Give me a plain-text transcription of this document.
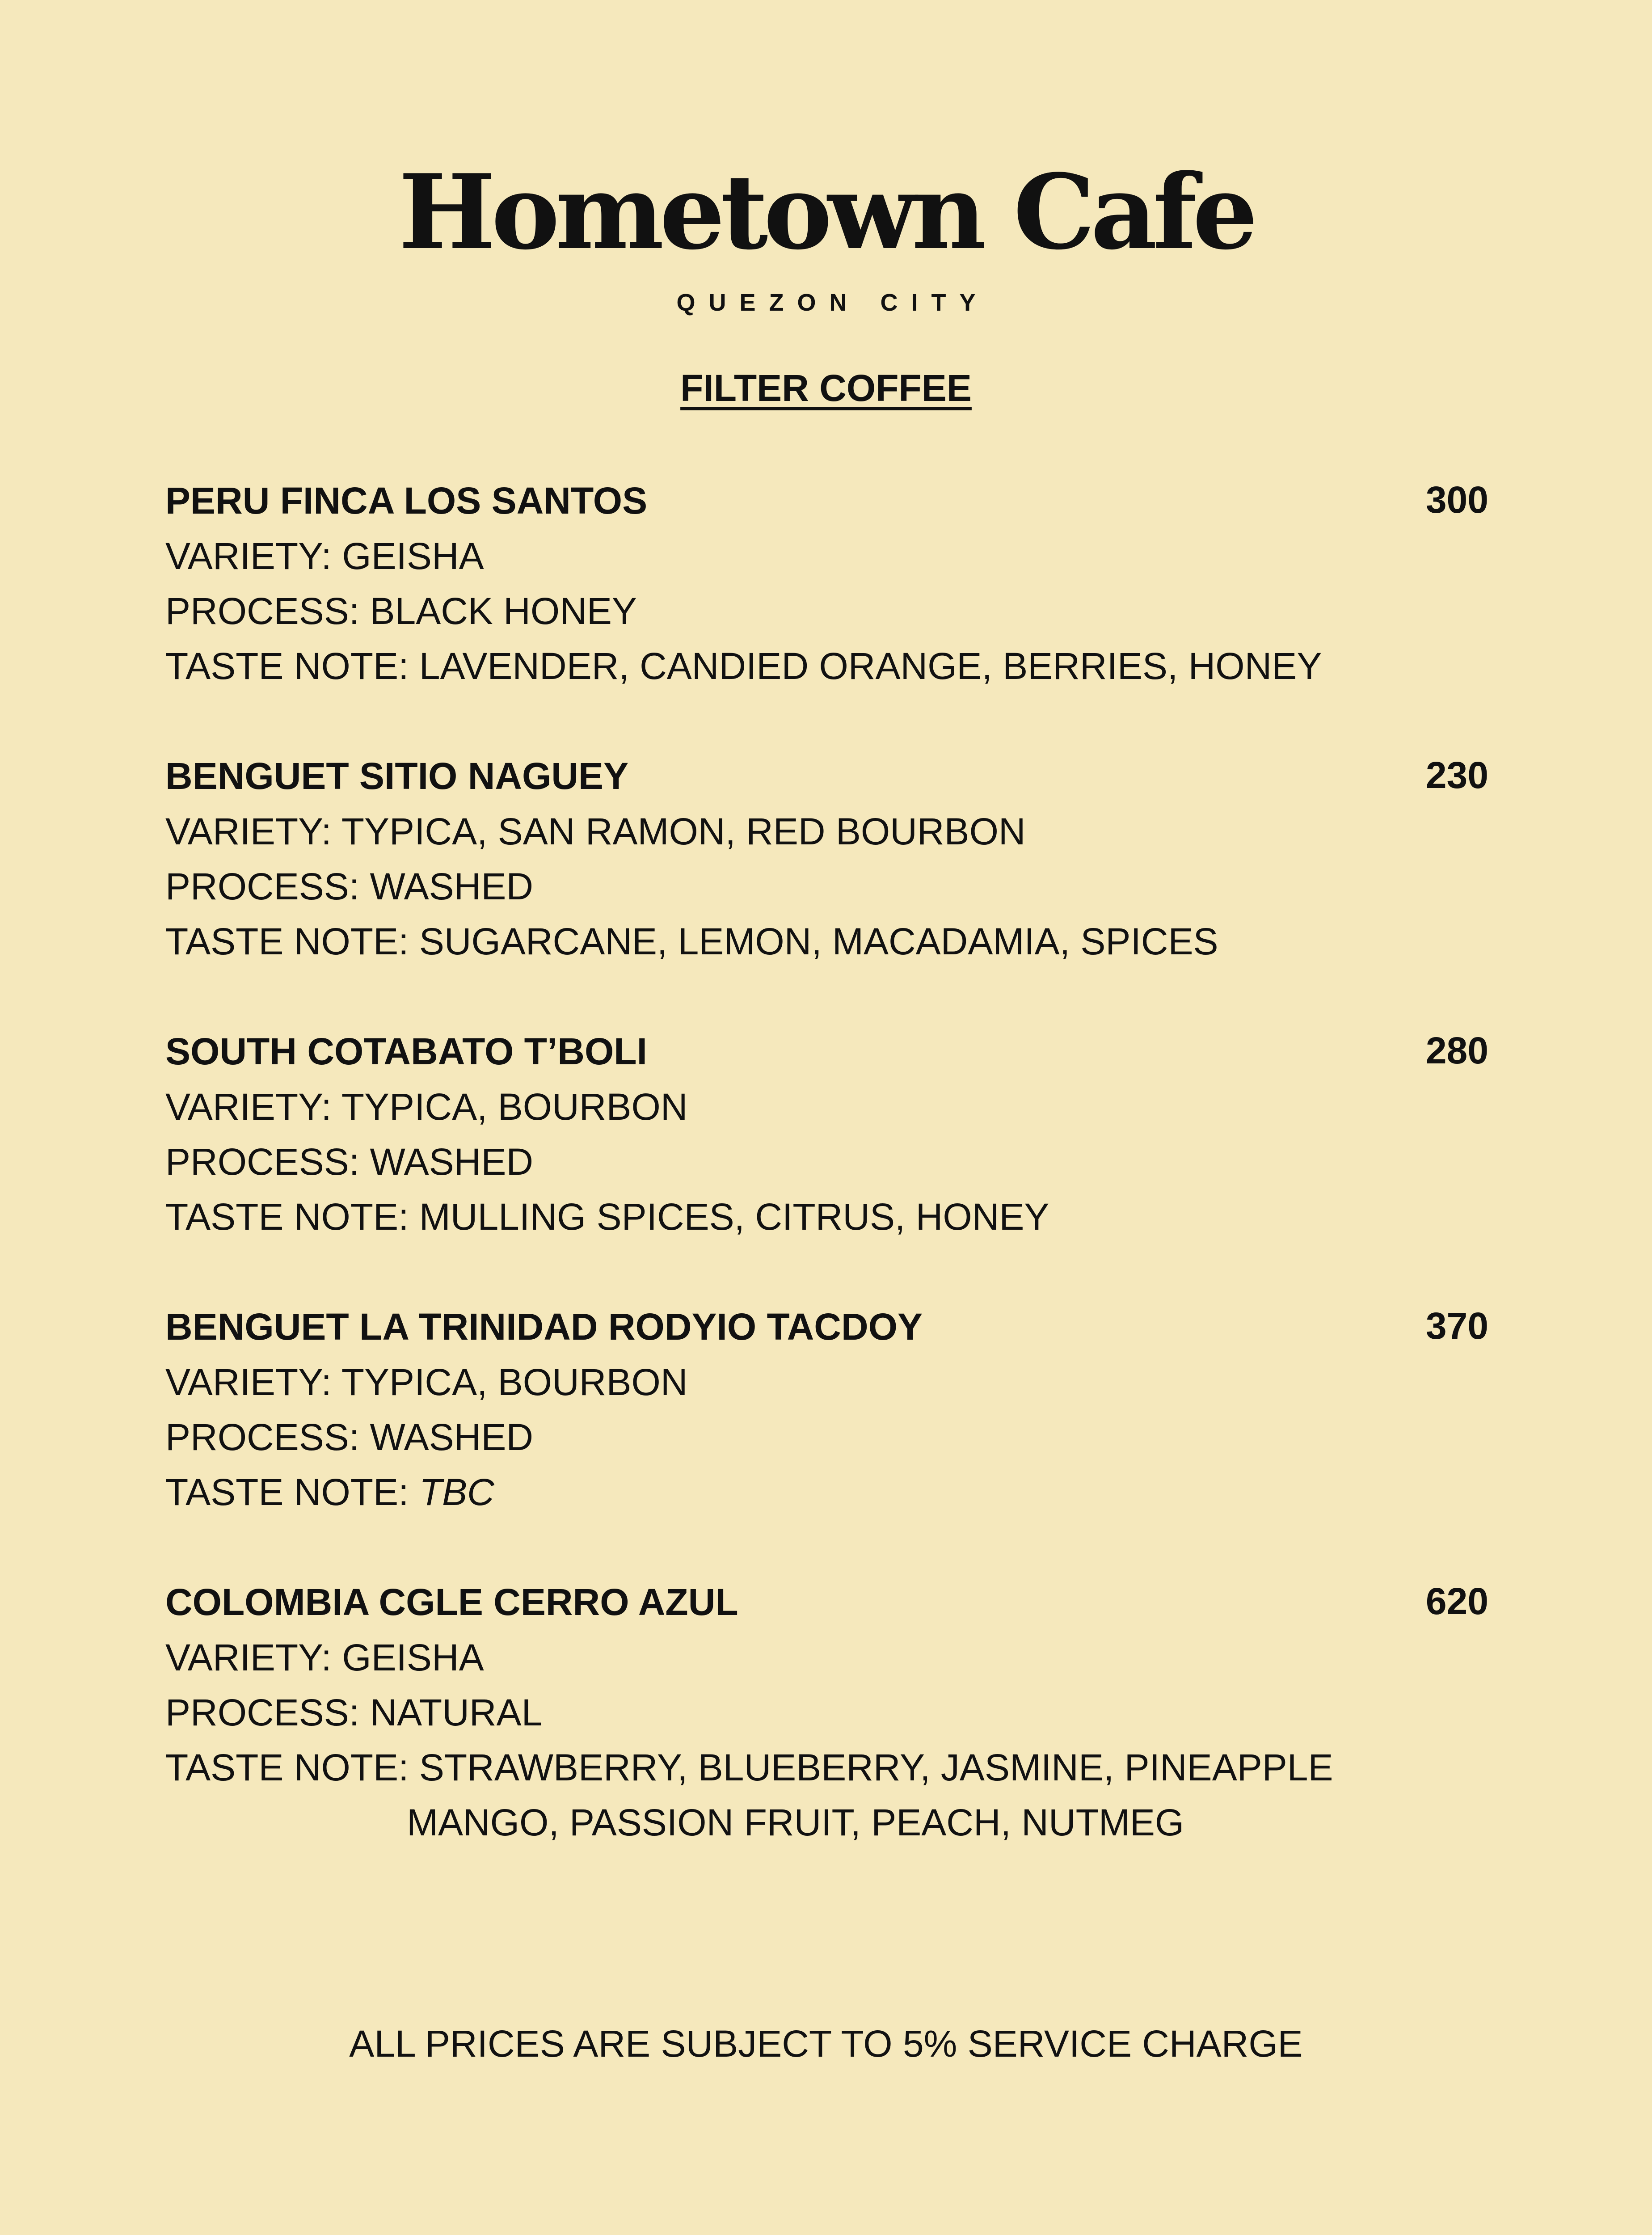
Hometown Cafe
QUEZON CITY
FILTER COFFEE
PERU FINCA LOS SANTOS	300
VARIETY: GEISHA
PROCESS: BLACK HONEY
TASTE NOTE: LAVENDER, CANDIED ORANGE, BERRIES, HONEY
BENGUET SITIO NAGUEY	230
VARIETY: TYPICA, SAN RAMON, RED BOURBON
PROCESS: WASHED
TASTE NOTE: SUGARCANE, LEMON, MACADAMIA, SPICES
SOUTH COTABATO T’BOLI	280
VARIETY: TYPICA, BOURBON
PROCESS: WASHED
TASTE NOTE: MULLING SPICES, CITRUS, HONEY
BENGUET LA TRINIDAD RODYIO TACDOY	370
VARIETY: TYPICA, BOURBON
PROCESS: WASHED
TASTE NOTE: TBC
COLOMBIA CGLE CERRO AZUL	620
VARIETY: GEISHA
PROCESS: NATURAL
TASTE NOTE: STRAWBERRY, BLUEBERRY, JASMINE, PINEAPPLE
MANGO, PASSION FRUIT, PEACH, NUTMEG
ALL PRICES ARE SUBJECT TO 5% SERVICE CHARGE
